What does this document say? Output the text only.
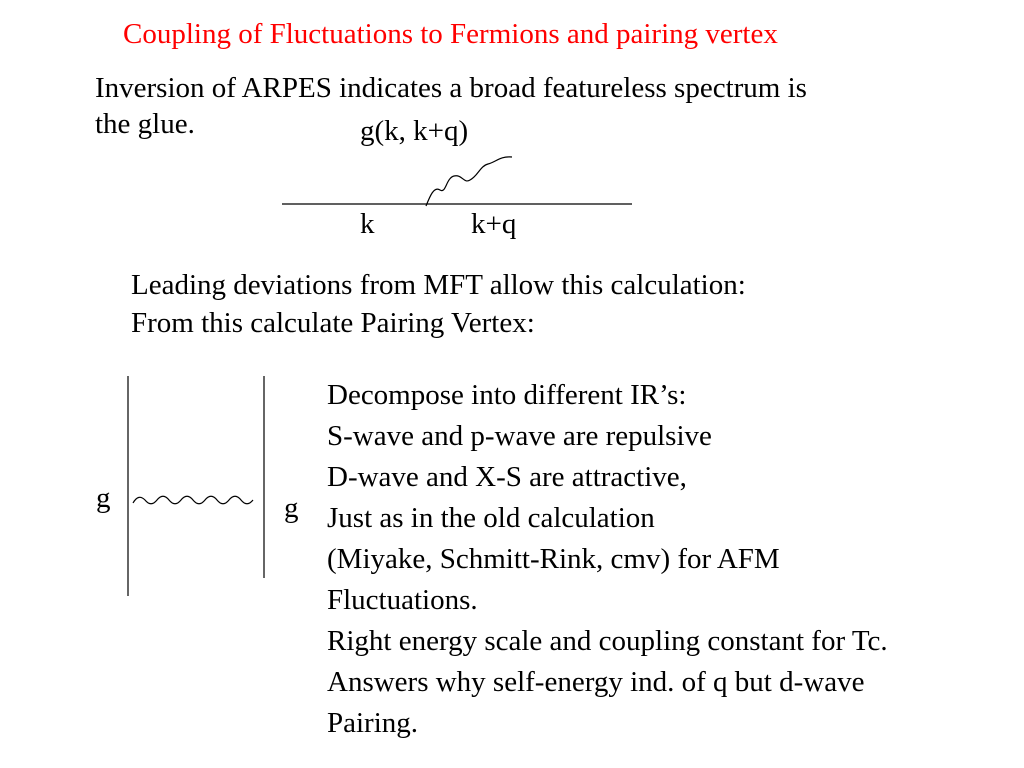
Coupling of Fluctuations to Fermions and pairing vertex
Inversion of ARPES indicates a broad featureless spectrum is
the glue.	g(k, k+q)
k	k+q
Leading deviations from MFT allow this calculation:
From this calculate Pairing Vertex:
g	g
Decompose into different IR’s:
S-wave and p-wave are repulsive
D-wave and X-S are attractive,
Just as in the old calculation
(Miyake, Schmitt-Rink, cmv) for AFM
Fluctuations.
Right energy scale and coupling constant for Tc.
Answers why self-energy ind. of q but d-wave
Pairing.
